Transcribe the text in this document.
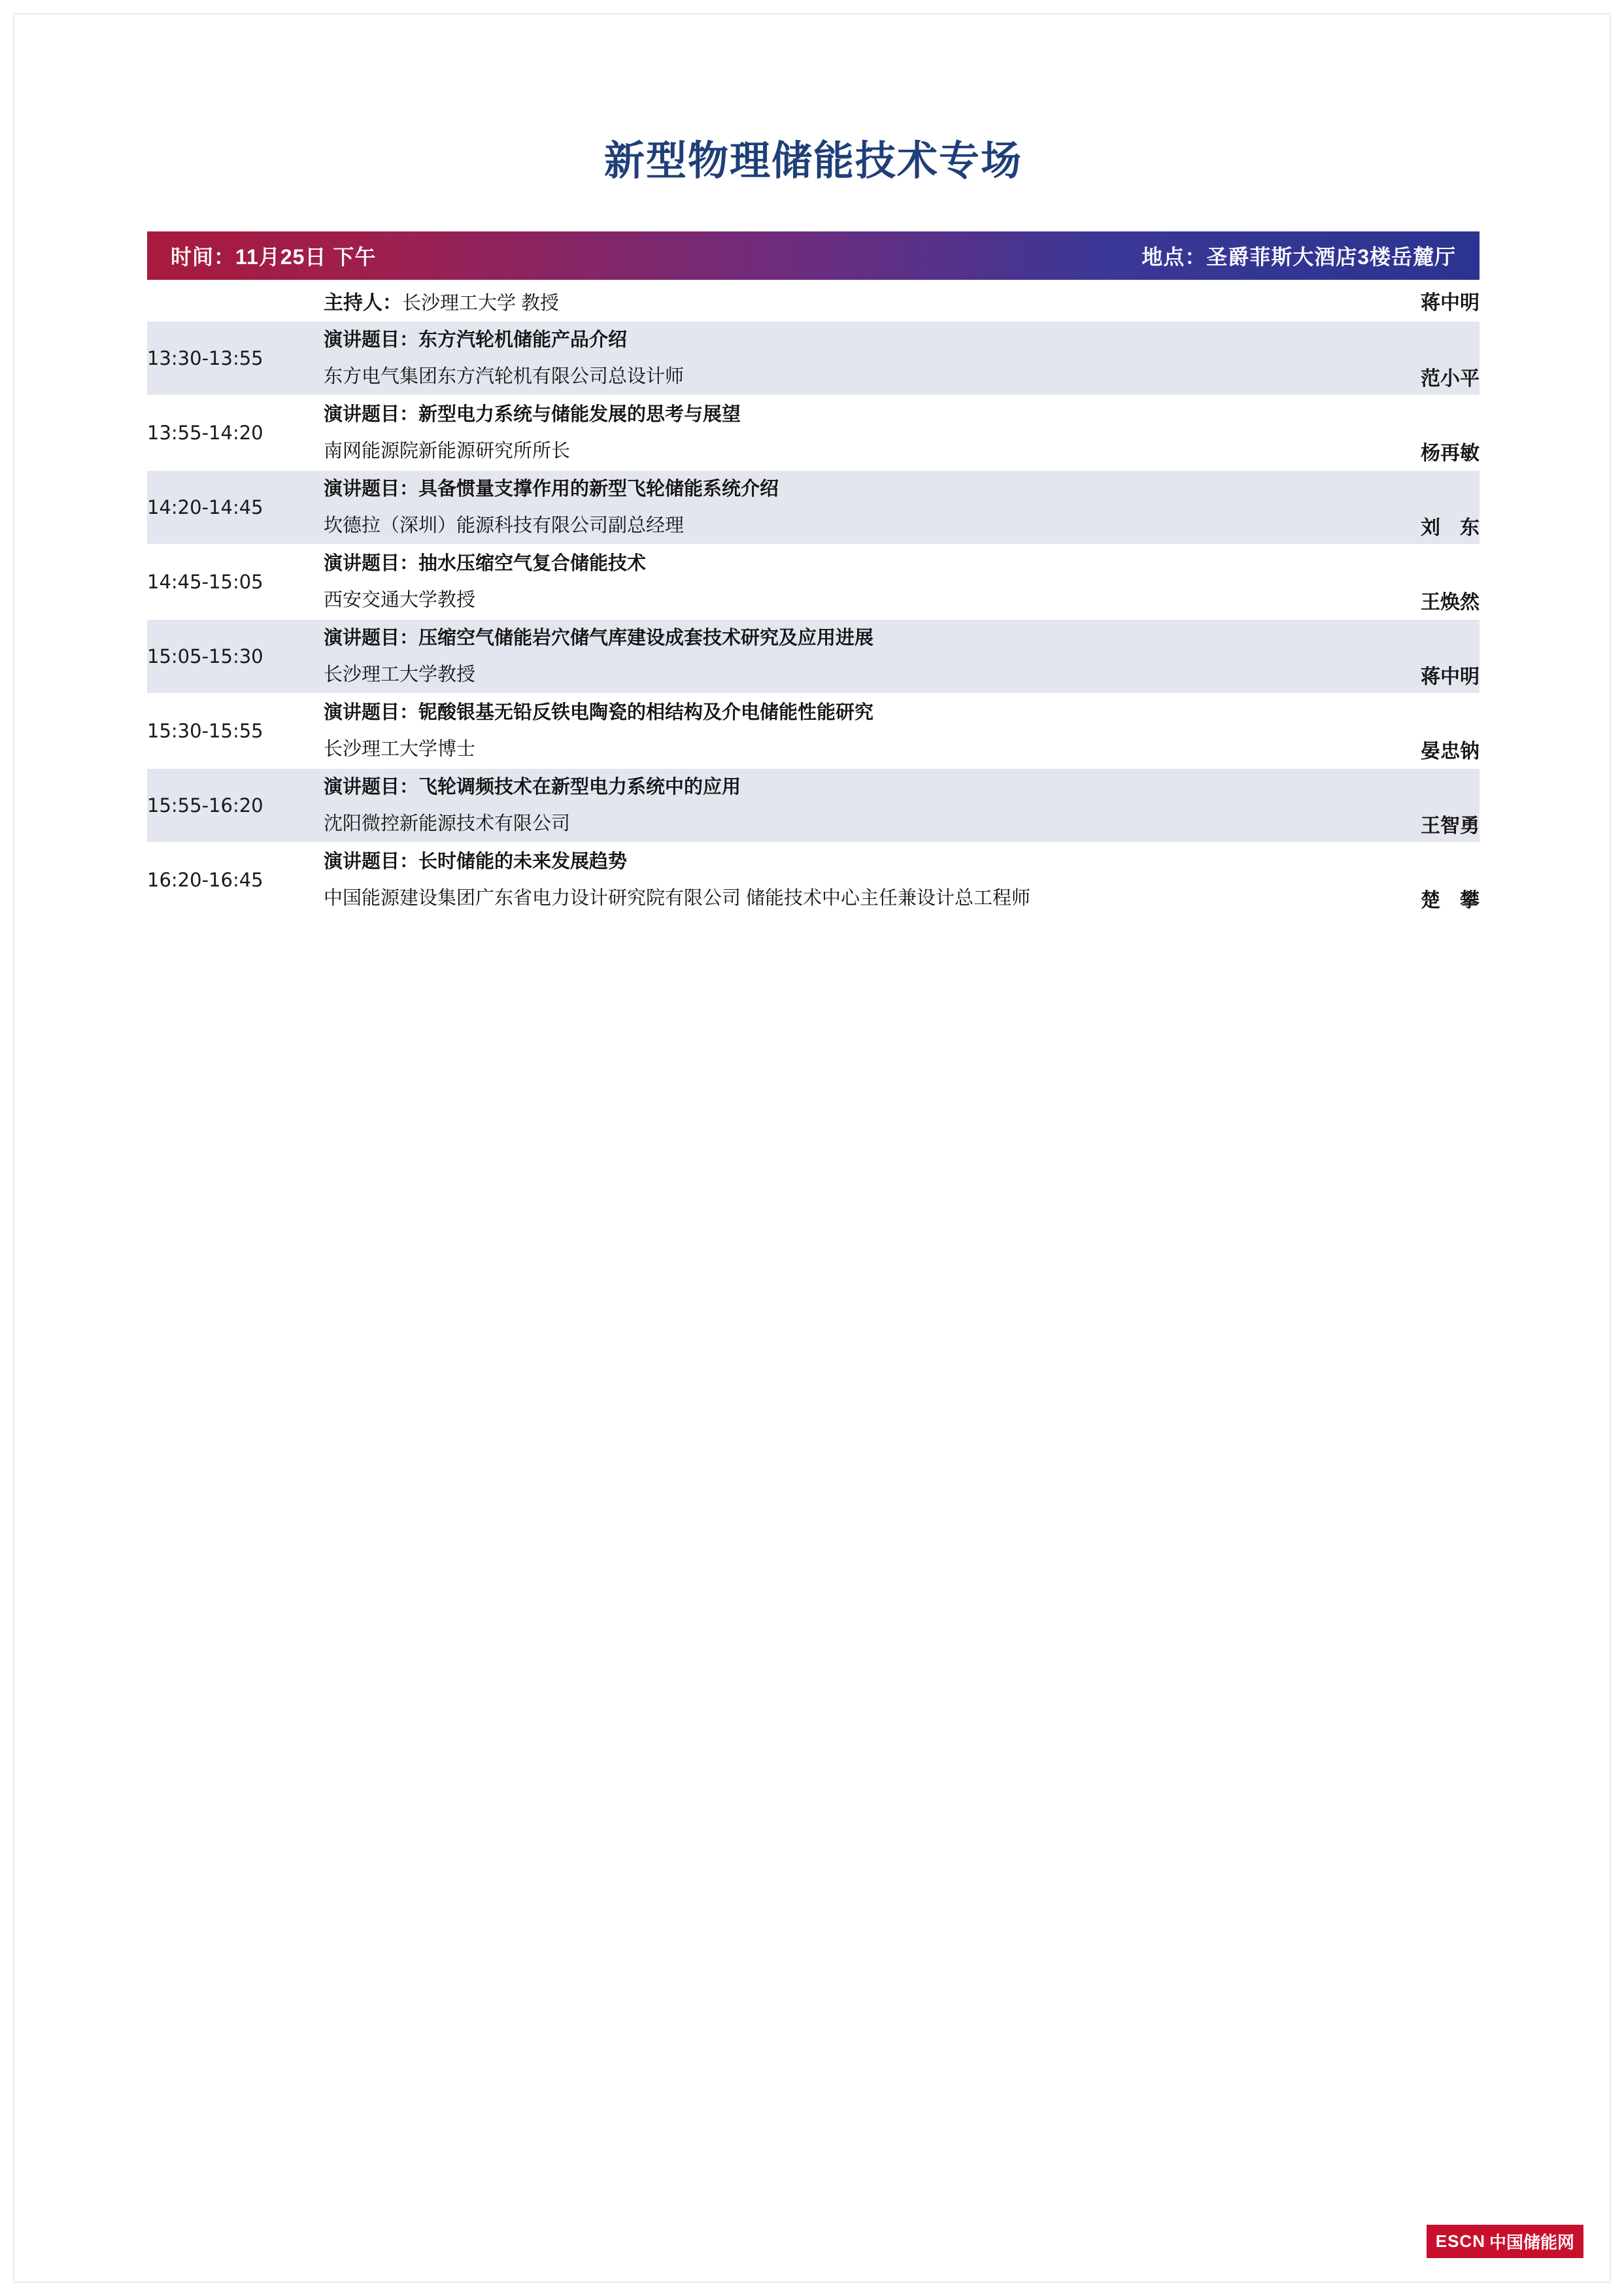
新型物理储能技术专场
时间：11月25日 下午	地点：圣爵菲斯大酒店3楼岳麓厅
	主持人：长沙理工大学 教授	蒋中明
13:30-13:55	演讲题目：东方汽轮机储能产品介绍	
	东方电气集团东方汽轮机有限公司总设计师	范小平

13:55-14:20	演讲题目：新型电力系统与储能发展的思考与展望	
	南网能源院新能源研究所所长	杨再敏

14:20-14:45	演讲题目：具备惯量支撑作用的新型飞轮储能系统介绍	
	坎德拉（深圳）能源科技有限公司副总经理	刘　东

14:45-15:05	演讲题目：抽水压缩空气复合储能技术	
	西安交通大学教授	王焕然

15:05-15:30	演讲题目：压缩空气储能岩穴储气库建设成套技术研究及应用进展	
	长沙理工大学教授	蒋中明

15:30-15:55	演讲题目：铌酸银基无铅反铁电陶瓷的相结构及介电储能性能研究	
	长沙理工大学博士	晏忠钠

15:55-16:20	演讲题目：飞轮调频技术在新型电力系统中的应用	
	沈阳微控新能源技术有限公司	王智勇

16:20-16:45	演讲题目：长时储能的未来发展趋势	
	中国能源建设集团广东省电力设计研究院有限公司 储能技术中心主任兼设计总工程师	楚　攀
ESCN 中国储能网
